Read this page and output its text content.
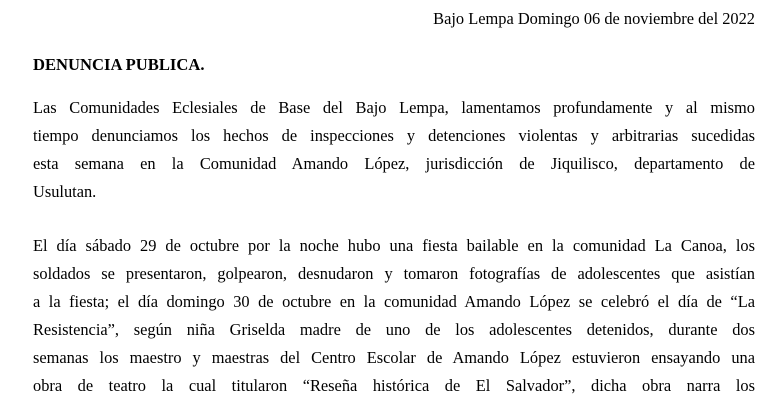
Bajo Lempa Domingo 06 de noviembre del 2022

DENUNCIA PUBLICA.
Las Comunidades Eclesiales de Base del Bajo Lempa, lamentamos profundamente y al mismo
tiempo denunciamos los hechos de inspecciones y detenciones violentas y arbitrarias sucedidas
esta semana en la Comunidad Amando López, jurisdicción de Jiquilisco, departamento de
Usulutan.
El día sábado 29 de octubre por la noche hubo una fiesta bailable en la comunidad La Canoa, los
soldados se presentaron, golpearon, desnudaron y tomaron fotografías de adolescentes que asistían
a la fiesta; el día domingo 30 de octubre en la comunidad Amando López se celebró el día de “La
Resistencia”, según niña Griselda madre de uno de los adolescentes detenidos, durante dos
semanas los maestro y maestras del Centro Escolar de Amando López estuvieron ensayando una
obra de teatro la cual titularon “Reseña histórica de El Salvador”, dicha obra narra los
